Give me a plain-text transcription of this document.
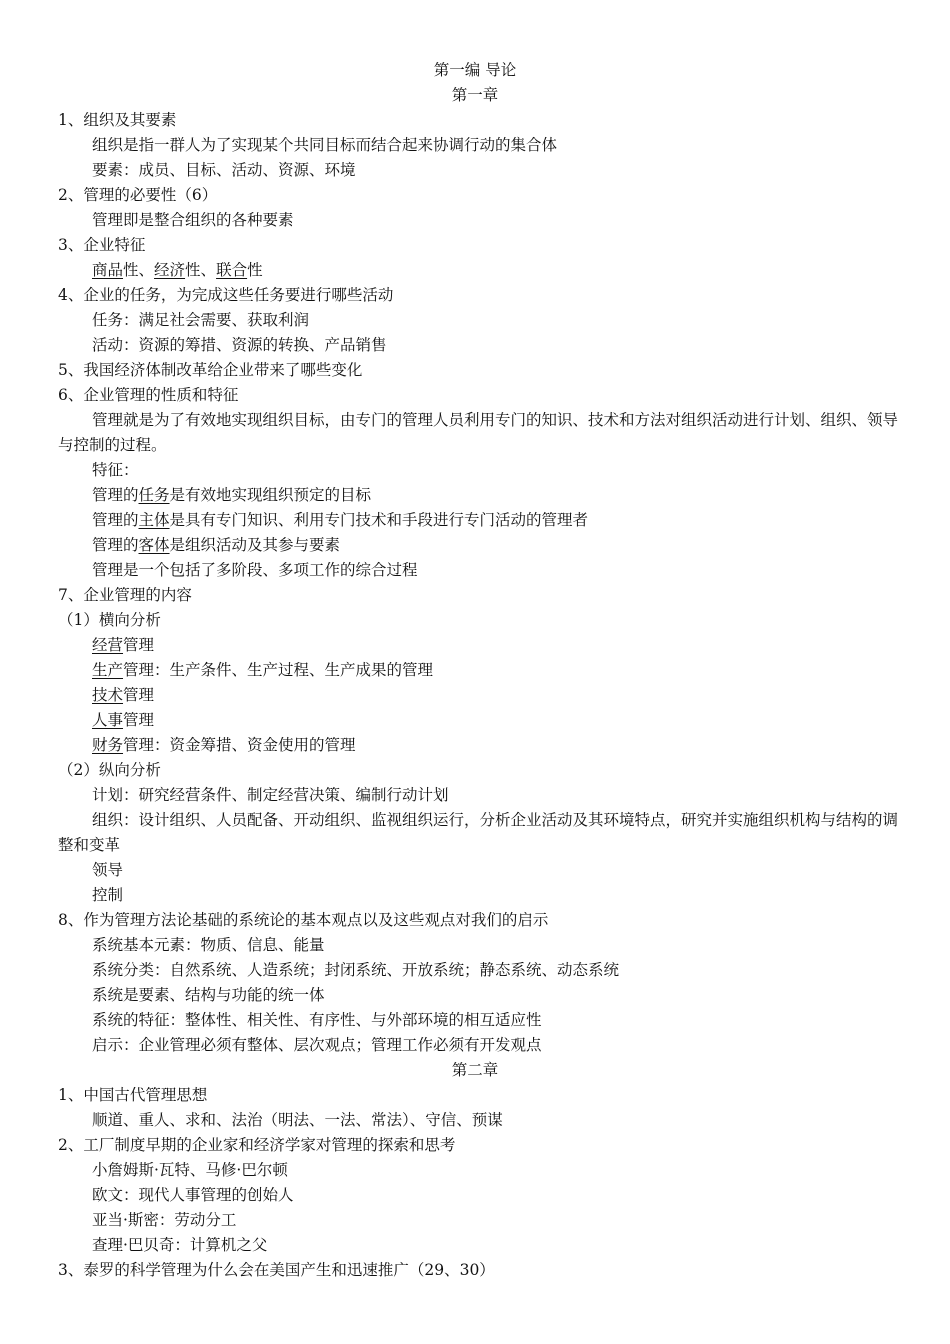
第一编 导论
第一章
1、组织及其要素
组织是指一群人为了实现某个共同目标而结合起来协调行动的集合体
要素：成员、目标、活动、资源、环境
2、管理的必要性（6）
管理即是整合组织的各种要素
3、企业特征
商品性、经济性、联合性
4、企业的任务，为完成这些任务要进行哪些活动
任务：满足社会需要、获取利润
活动：资源的筹措、资源的转换、产品销售
5、我国经济体制改革给企业带来了哪些变化
6、企业管理的性质和特征
管理就是为了有效地实现组织目标，由专门的管理人员利用专门的知识、技术和方法对组织活动进行计划、组织、领导与控制的过程。
特征：
管理的任务是有效地实现组织预定的目标
管理的主体是具有专门知识、利用专门技术和手段进行专门活动的管理者
管理的客体是组织活动及其参与要素
管理是一个包括了多阶段、多项工作的综合过程
7、企业管理的内容
（1）横向分析
经营管理
生产管理：生产条件、生产过程、生产成果的管理
技术管理
人事管理
财务管理：资金筹措、资金使用的管理
（2）纵向分析
计划：研究经营条件、制定经营决策、编制行动计划
组织：设计组织、人员配备、开动组织、监视组织运行，分析企业活动及其环境特点，研究并实施组织机构与结构的调整和变革
领导
控制
8、作为管理方法论基础的系统论的基本观点以及这些观点对我们的启示
系统基本元素：物质、信息、能量
系统分类：自然系统、人造系统；封闭系统、开放系统；静态系统、动态系统
系统是要素、结构与功能的统一体
系统的特征：整体性、相关性、有序性、与外部环境的相互适应性
启示：企业管理必须有整体、层次观点；管理工作必须有开发观点
第二章
1、中国古代管理思想
顺道、重人、求和、法治（明法、一法、常法）、守信、预谋
2、工厂制度早期的企业家和经济学家对管理的探索和思考
小詹姆斯·瓦特、马修·巴尔顿
欧文：现代人事管理的创始人
亚当·斯密：劳动分工
查理·巴贝奇：计算机之父
3、泰罗的科学管理为什么会在美国产生和迅速推广（29、30）
